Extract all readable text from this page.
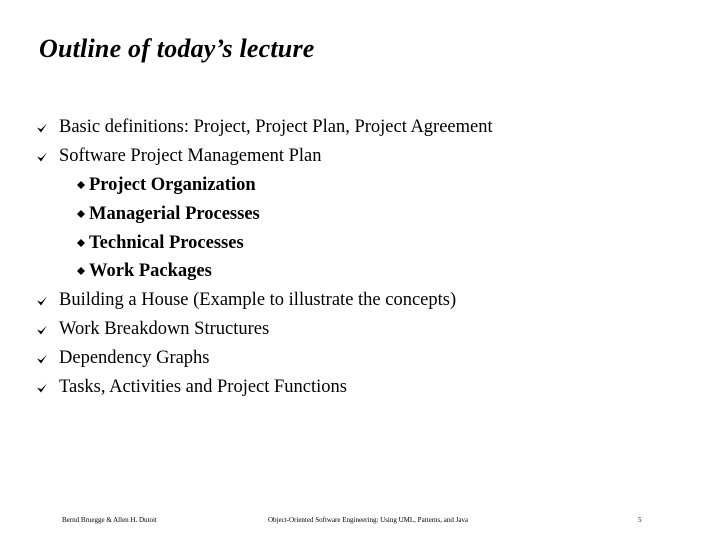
Outline of today’s lecture
Basic definitions: Project, Project Plan, Project Agreement
Software Project Management Plan
Project Organization
Managerial Processes
Technical Processes
Work Packages
Building a House (Example to illustrate the concepts)
Work Breakdown Structures
Dependency Graphs
Tasks, Activities and Project Functions

Bernd Bruegge & Allen H. Dutoit	Object-Oriented Software Engineering: Using UML, Patterns, and Java	5
